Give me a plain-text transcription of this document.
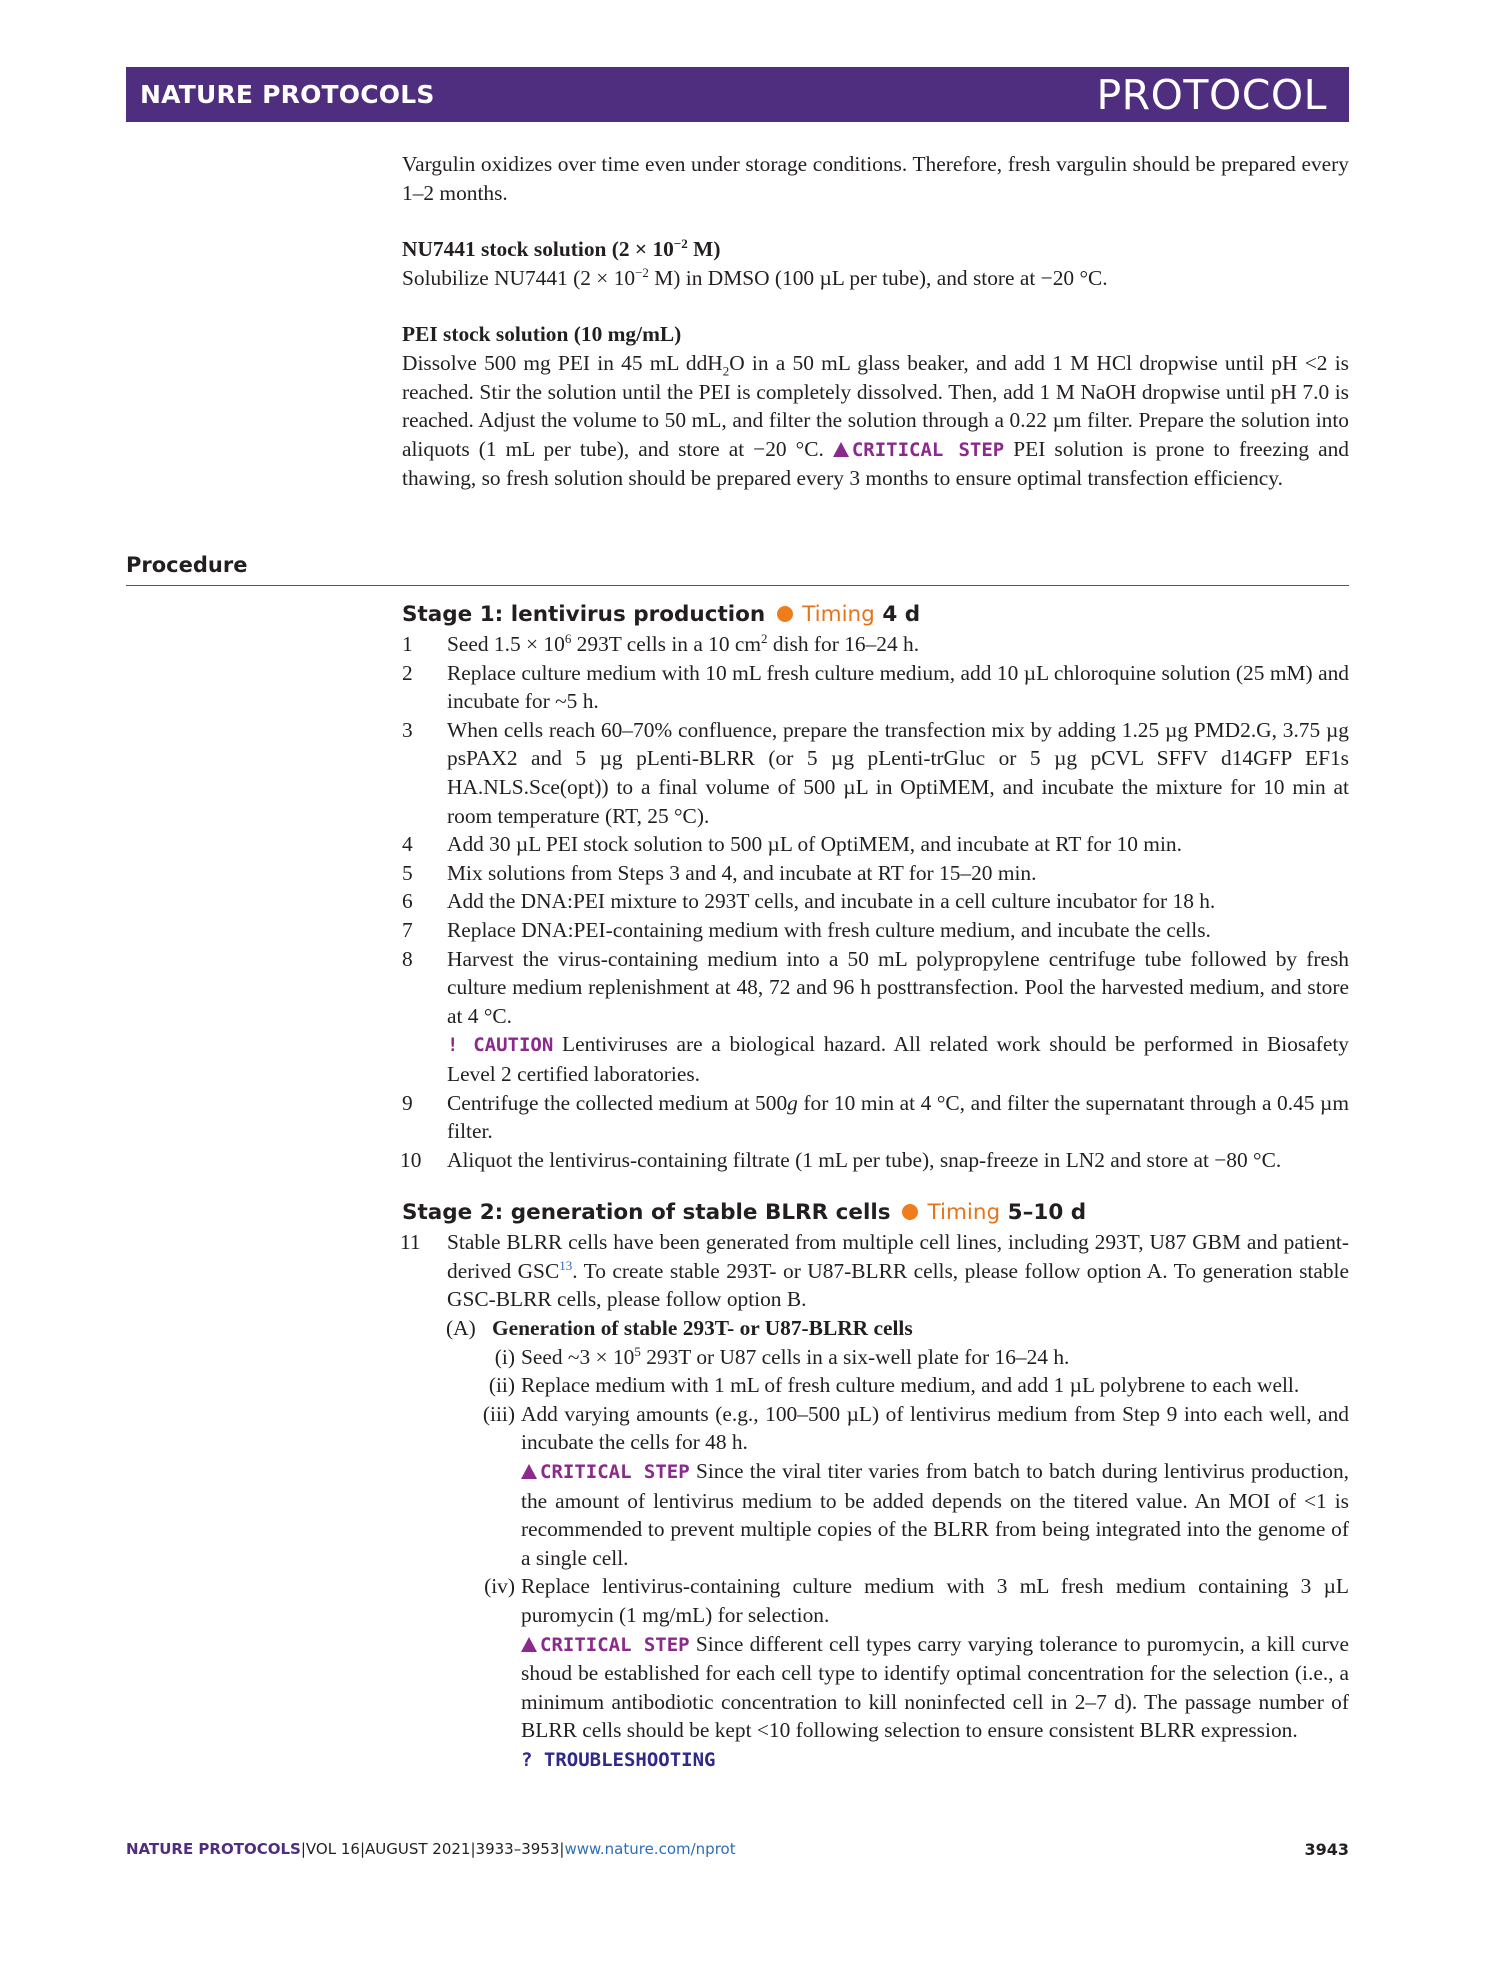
NATURE PROTOCOLS	PROTOCOL

Vargulin oxidizes over time even under storage conditions. Therefore, fresh vargulin should be prepared every 1–2 months.

NU7441 stock solution ($2 \times 10^{-2}$ M)

Solubilize NU7441 ($2 \times 10^{-2}$ M) in DMSO (100 µL per tube), and store at −20 °C.

PEI stock solution (10 mg/mL)

Dissolve 500 mg PEI in 45 mL ddH$_2$O in a 50 mL glass beaker, and add 1 M HCl dropwise until pH <2 is reached. Stir the solution until the PEI is completely dissolved. Then, add 1 M NaOH dropwise until pH 7.0 is reached. Adjust the volume to 50 mL, and filter the solution through a 0.22 µm filter. Prepare the solution into aliquots (1 mL per tube), and store at −20 °C. CRITICAL STEP PEI solution is prone to freezing and thawing, so fresh solution should be prepared every 3 months to ensure optimal transfection efficiency.

Procedure

Stage 1: lentivirus production Timing 4 d

1 Seed $1.5 \times 10^6$ 293T cells in a 10 $cm^2$ dish for 16–24 h.
2 Replace culture medium with 10 mL fresh culture medium, add 10 µL chloroquine solution (25 mM) and incubate for ~5 h.
3 When cells reach 60–70% confluence, prepare the transfection mix by adding 1.25 µg PMD2.G, 3.75 µg psPAX2 and 5 µg pLenti-BLRR (or 5 µg pLenti-trGluc or 5 µg pCVL SFFV d14GFP EF1s HA.NLS.Sce(opt)) to a final volume of 500 µL in OptiMEM, and incubate the mixture for 10 min at room temperature (RT, 25 °C).
4 Add 30 µL PEI stock solution to 500 µL of OptiMEM, and incubate at RT for 10 min.
5 Mix solutions from Steps 3 and 4, and incubate at RT for 15–20 min.
6 Add the DNA:PEI mixture to 293T cells, and incubate in a cell culture incubator for 18 h.
7 Replace DNA:PEI-containing medium with fresh culture medium, and incubate the cells.
8 Harvest the virus-containing medium into a 50 mL polypropylene centrifuge tube followed by fresh culture medium replenishment at 48, 72 and 96 h posttransfection. Pool the harvested medium, and store at 4 °C.
! CAUTION Lentiviruses are a biological hazard. All related work should be performed in Biosafety Level 2 certified laboratories.
9 Centrifuge the collected medium at 500g for 10 min at 4 °C, and filter the supernatant through a 0.45 µm filter.
10 Aliquot the lentivirus-containing filtrate (1 mL per tube), snap-freeze in LN2 and store at −80 °C.

Stage 2: generation of stable BLRR cells Timing 5–10 d

11 Stable BLRR cells have been generated from multiple cell lines, including 293T, U87 GBM and patient-derived GSC$^{13}$. To create stable 293T- or U87-BLRR cells, please follow option A. To generation stable GSC-BLRR cells, please follow option B.
(A) Generation of stable 293T- or U87-BLRR cells
(i) Seed ~3 × $10^5$ 293T or U87 cells in a six-well plate for 16–24 h.
(ii) Replace medium with 1 mL of fresh culture medium, and add 1 µL polybrene to each well.
(iii) Add varying amounts (e.g., 100–500 µL) of lentivirus medium from Step 9 into each well, and incubate the cells for 48 h.
CRITICAL STEP Since the viral titer varies from batch to batch during lentivirus production, the amount of lentivirus medium to be added depends on the titered value. An MOI of <1 is recommended to prevent multiple copies of the BLRR from being integrated into the genome of a single cell.
(iv) Replace lentivirus-containing culture medium with 3 mL fresh medium containing 3 µL puromycin (1 mg/mL) for selection.
CRITICAL STEP Since different cell types carry varying tolerance to puromycin, a kill curve shoud be established for each cell type to identify optimal concentration for the selection (i.e., a minimum antibodiotic concentration to kill noninfected cell in 2–7 d). The passage number of BLRR cells should be kept <10 following selection to ensure consistent BLRR expression.
? TROUBLESHOOTING
NATURE PROTOCOLS|VOL 16|AUGUST 2021|3933–3953|www.nature.com/nprot	3943
